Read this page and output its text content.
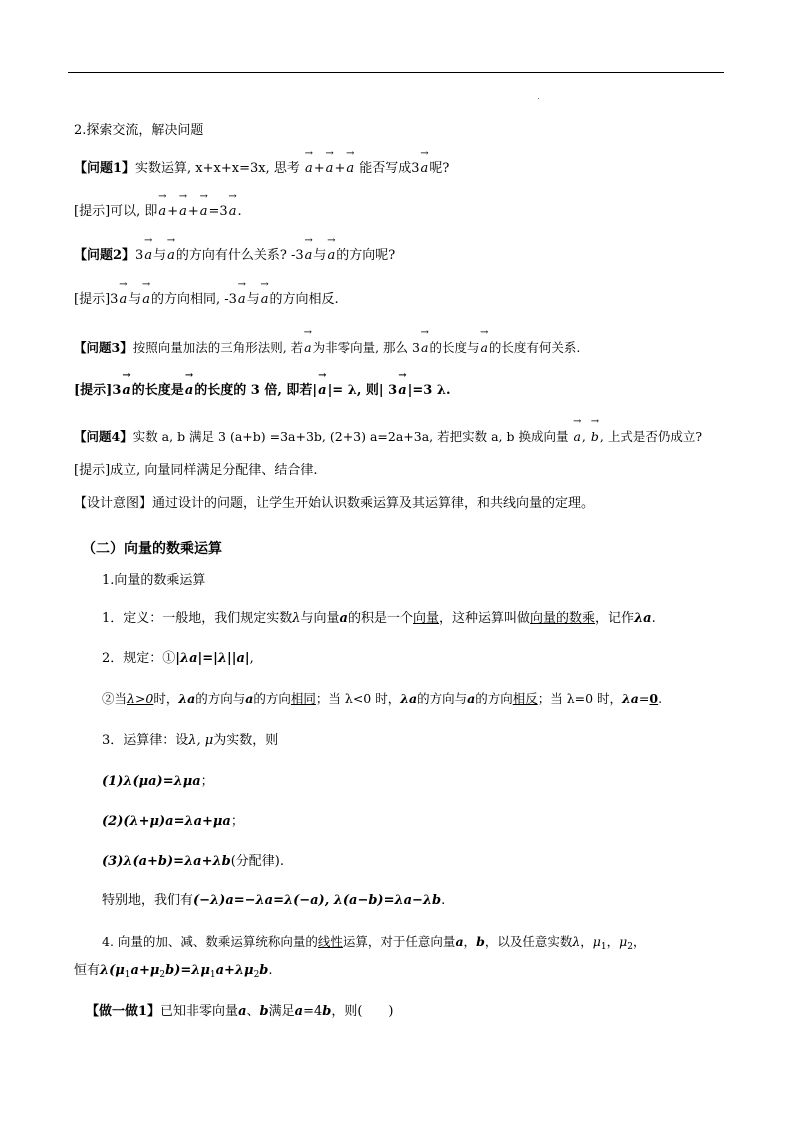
2.探索交流，解决问题
【问题1】实数运算, x+x+x=3x, 思考 → a+→ a+→ a 能否写成3→ a呢?
[提示]可以, 即→ a+→ a+→ a=3→ a.
【问题2】3→ a与→ a的方向有什么关系? -3→ a与→ a的方向呢?
[提示]3→ a与→ a的方向相同, -3→ a与→ a的方向相反.
【问题3】按照向量加法的三角形法则, 若→ a为非零向量, 那么 3→ a的长度与→ a的长度有何关系.
[提示]3→ a的长度是→ a的长度的 3 倍, 即若|→ a|= λ, 则| 3→ a|=3 λ.
【问题4】实数 a, b 满足 3 (a+b) =3a+3b, (2+3) a=2a+3a, 若把实数 a, b 换成向量 → a, → b, 上式是否仍成立?
[提示]成立, 向量同样满足分配律、结合律.
【设计意图】通过设计的问题，让学生开始认识数乘运算及其运算律，和共线向量的定理。
（二）向量的数乘运算
1.向量的数乘运算
1．定义：一般地，我们规定实数λ与向量a的积是一个向量，这种运算叫做向量的数乘，记作λa.
2．规定：①|λa|=|λ||a|,
②当λ>0时，λa的方向与a的方向相同；当 λ<0 时，λa的方向与a的方向相反；当 λ=0 时，λa=0.
3．运算律：设λ, μ为实数，则
(1)λ(μa)=λμa；
(2)(λ+μ)a=λa+μa；
(3)λ(a+b)=λa+λb(分配律).
特别地，我们有(−λ)a=−λa=λ(−a), λ(a−b)=λa−λb.
4. 向量的加、减、数乘运算统称向量的线性运算，对于任意向量a，b，以及任意实数λ，$\mu_1$，$\mu_2$，
恒有$\lambda(\mu_1a+\mu_2b)=\lambda\mu_1a+\lambda\mu_2b$.
【做一做1】已知非零向量a、b满足a=4b，则(　　)
